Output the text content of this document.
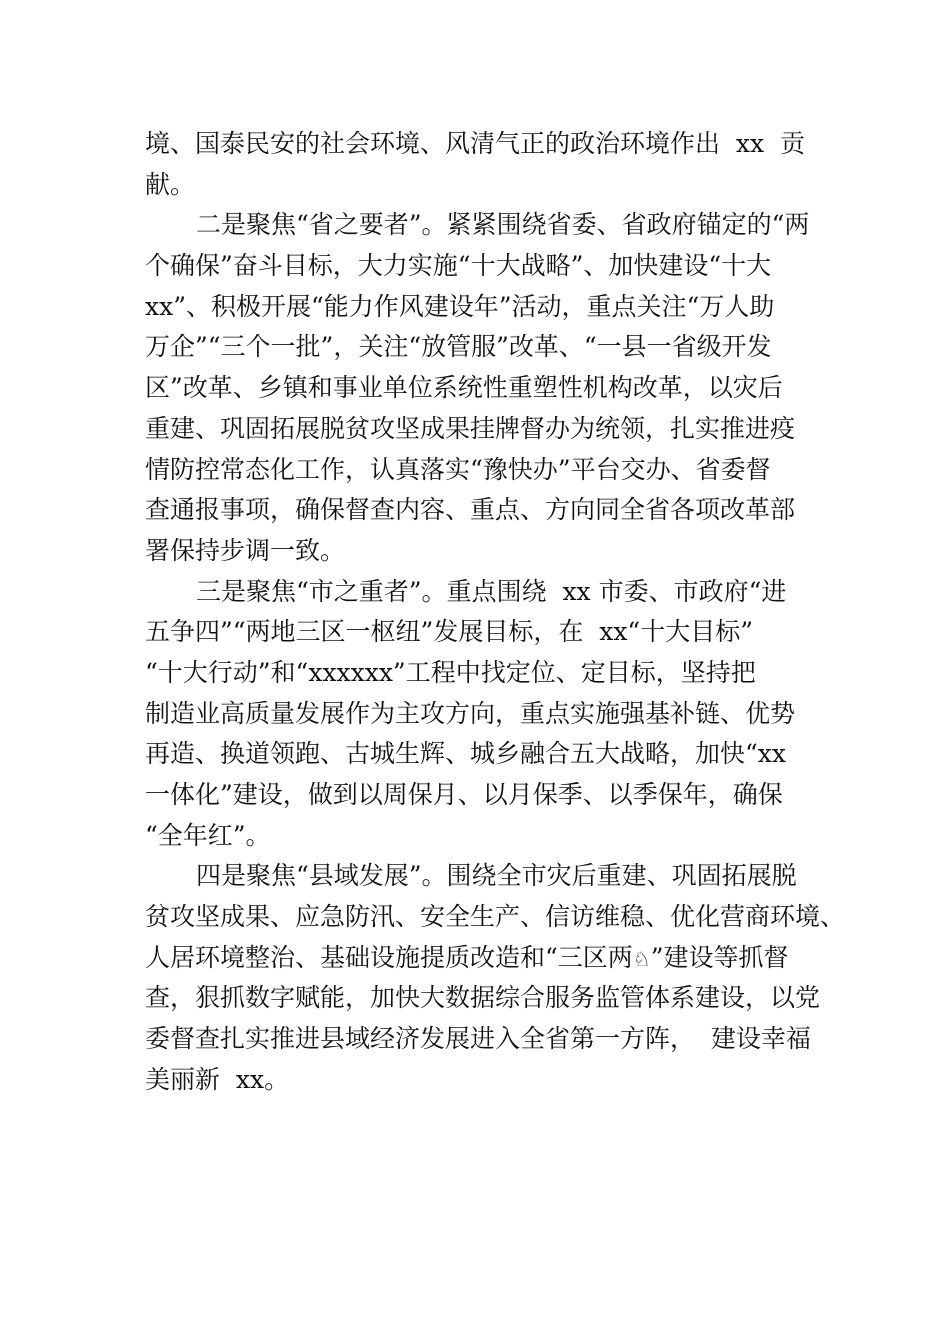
境、国泰民安的社会环境、风清气正的政治环境作出  xx  贡
献。
二是聚焦“省之要者”。紧紧围绕省委、省政府锚定的“两
个确保”奋斗目标，大力实施“十大战略”、加快建设“十大
xx”、积极开展“能力作风建设年”活动，重点关注“万人助
万企”“三个一批”，关注“放管服”改革、“一县一省级开发
区”改革、乡镇和事业单位系统性重塑性机构改革，以灾后
重建、巩固拓展脱贫攻坚成果挂牌督办为统领，扎实推进疫
情防控常态化工作，认真落实“豫快办”平台交办、省委督
查通报事项，确保督查内容、重点、方向同全省各项改革部
署保持步调一致。
三是聚焦“市之重者”。重点围绕  xx 市委、市政府“进
五争四”“两地三区一枢纽”发展目标，在  xx“十大目标”
“十大行动”和“xxxxxx”工程中找定位、定目标，坚持把
制造业高质量发展作为主攻方向，重点实施强基补链、优势
再造、换道领跑、古城生辉、城乡融合五大战略，加快“xx
一体化”建设，做到以周保月、以月保季、以季保年，确保
“全年红”。
四是聚焦“县域发展”。围绕全市灾后重建、巩固拓展脱
贫攻坚成果、应急防汛、安全生产、信访维稳、优化营商环境、
人居环境整治、基础设施提质改造和“三区两♘”建设等抓督
查，狠抓数字赋能，加快大数据综合服务监管体系建设，以党
委督查扎实推进县域经济发展进入全省第一方阵，  建设幸福
美丽新  xx。
